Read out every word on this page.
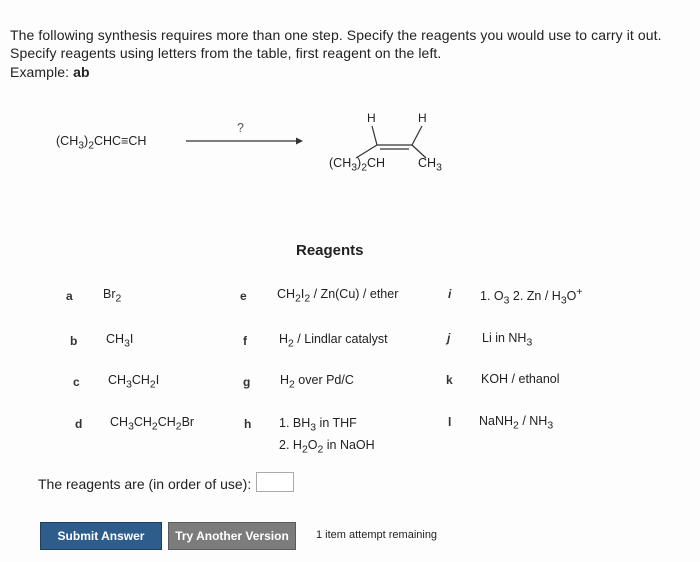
The following synthesis requires more than one step. Specify the reagents you would use to carry it out.

Specify reagents using letters from the table, first reagent on the left.

Example: ab

$(CH_3)_2CHC\equiv CH$
?
H	H
$(CH_3)_2CH$	$CH_3$
Reagents
a $Br_2$
b $CH_3I$
c $CH_3CH_2I$
d $CH_3CH_2CH_2Br$
e $CH_2I_2 / Zn(Cu)$ / ether
f	$H_2$ / Lindlar catalyst
g $H_2$ over Pd/C
h 1. $BH_3$ in THF
2. $H_2O_2$ in NaOH
i 1. $O_3$ 2. Zn / $H_3O^+$
j	Li in $NH_3$
k KOH / ethanol
l NaNH$_2$ / $NH_3$
The reagents are (in order of use):
Submit Answer	Try Another Version	1 item attempt remaining
